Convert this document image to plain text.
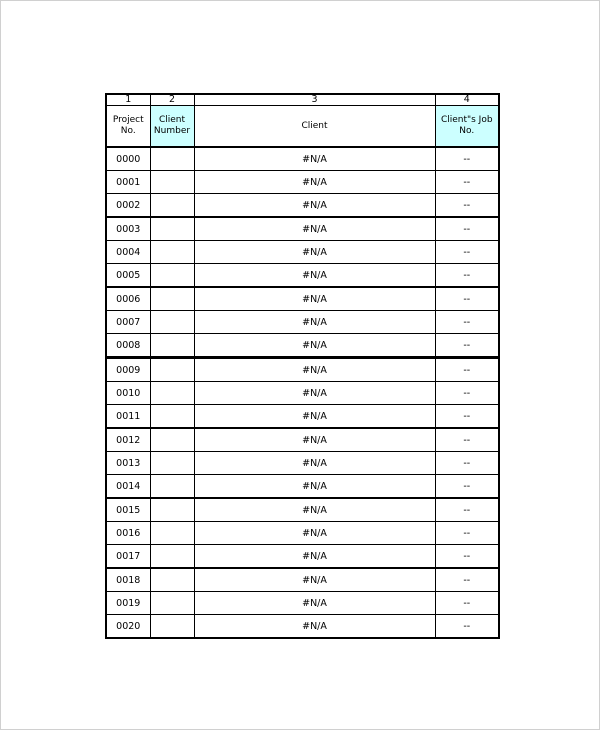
1	2	3	4
Project No.	Client Number	Client	Client"s Job No.
0000		#N/A	--
0001		#N/A	--
0002		#N/A	--
0003		#N/A	--
0004		#N/A	--
0005		#N/A	--
0006		#N/A	--
0007		#N/A	--
0008		#N/A	--
0009		#N/A	--
0010		#N/A	--
0011		#N/A	--
0012		#N/A	--
0013		#N/A	--
0014		#N/A	--
0015		#N/A	--
0016		#N/A	--
0017		#N/A	--
0018		#N/A	--
0019		#N/A	--
0020		#N/A	--
